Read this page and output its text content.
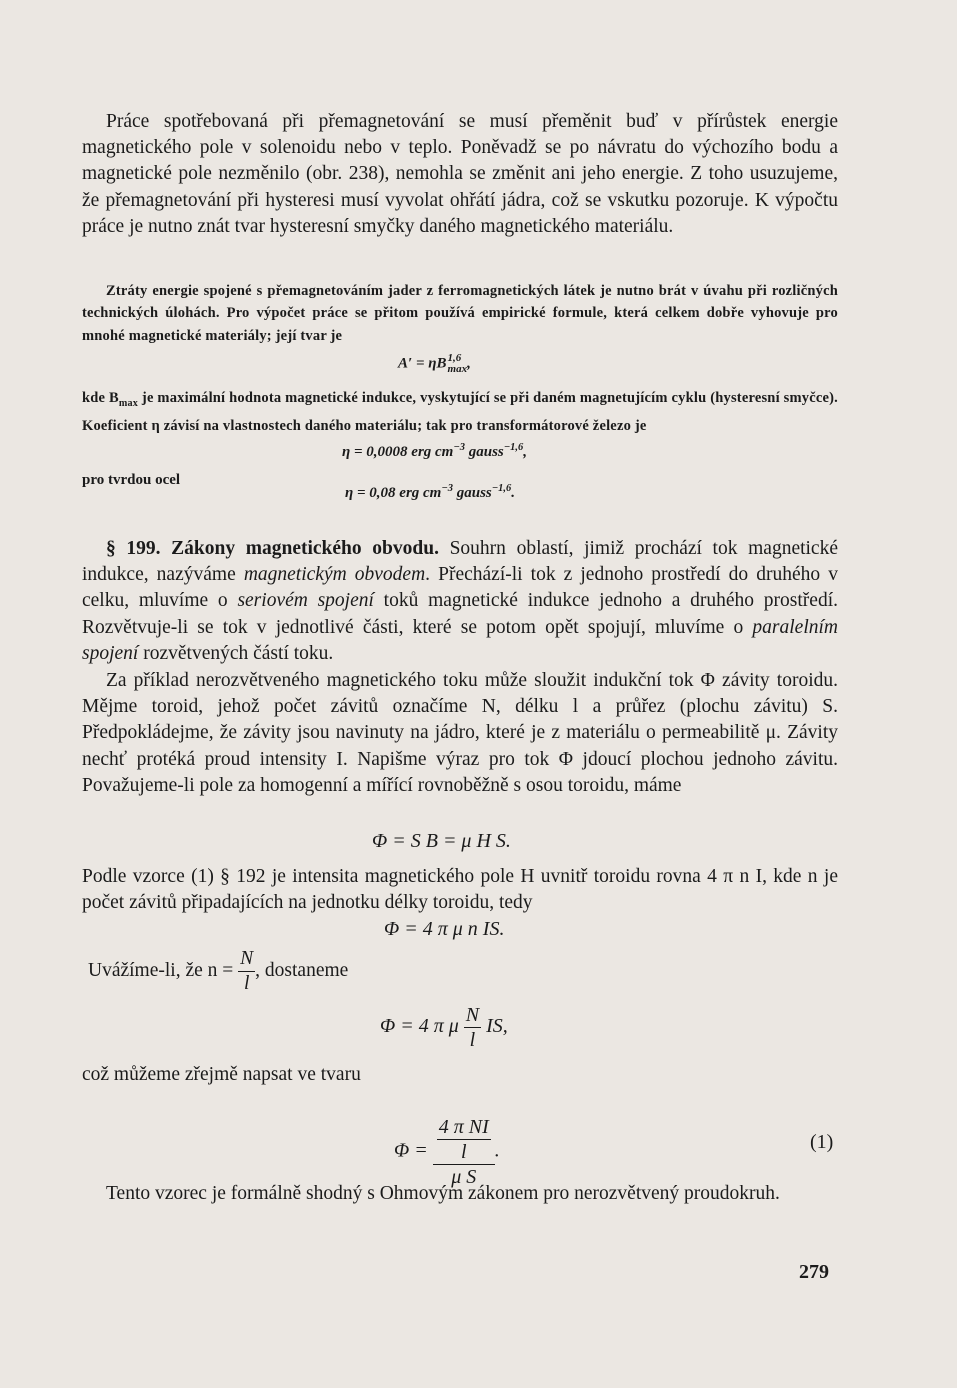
Práce spotřebovaná při přemagnetování se musí přeměnit buď v přírůstek energie magnetického pole v solenoidu nebo v teplo. Poněvadž se po návratu do výchozího bodu a magnetické pole nezměnilo (obr. 238), nemohla se změnit ani jeho energie. Z toho usuzujeme, že přemagnetování při hysteresi musí vyvolat ohřátí jádra, což se vskutku pozoruje. K výpočtu práce je nutno znát tvar hysteresní smyčky daného magnetického materiálu.

Ztráty energie spojené s přemagnetováním jader z ferromagnetických látek je nutno brát v úvahu při rozličných technických úlohách. Pro výpočet práce se přitom používá empirické formule, která celkem dobře vyhovuje pro mnohé magnetické materiály; její tvar je

A′ = ηB 1,6
max ,

kde $B_{max}$ je maximální hodnota magnetické indukce, vyskytující se při daném magnetujícím cyklu (hysteresní smyčce). Koeficient η závisí na vlastnostech daného materiálu; tak pro transformátorové železo je

η = 0,0008 erg $cm^{-3}$ gauss$^{-1,6}$,
pro tvrdou ocel
η = 0,08 erg $cm^{-3}$ gauss$^{-1,6}$.

§ 199. Zákony magnetického obvodu. Souhrn oblastí, jimiž prochází tok magnetické indukce, nazýváme magnetickým obvodem. Přechází-li tok z jednoho prostředí do druhého v celku, mluvíme o seriovém spojení toků magnetické indukce jednoho a druhého prostředí. Rozvětvuje-li se tok v jednotlivé části, které se potom opět spojují, mluvíme o paralelním spojení rozvětvených částí toku.

Za příklad nerozvětveného magnetického toku může sloužit indukční tok Φ závity toroidu. Mějme toroid, jehož počet závitů označíme N, délku l a průřez (plochu závitu) S. Předpokládejme, že závity jsou navinuty na jádro, které je z materiálu o permeabilitě μ. Závity nechť protéká proud intensity I. Napišme výraz pro tok Φ jdoucí plochou jednoho závitu. Považujeme-li pole za homogenní a mířící rovnoběžně s osou toroidu, máme

Φ = S B = μ H S.

Podle vzorce (1) § 192 je intensita magnetického pole H uvnitř toroidu rovna 4 π n I, kde n je počet závitů připadajících na jednotku délky toroidu, tedy

Φ = 4 π μ n IS.
Uvážíme-li, že $n = \frac{N}{l}$ , dostaneme
Φ = 4 π μ $\frac{N}{l}$ IS,

což můžeme zřejmě napsat ve tvaru

$\Phi = \frac{\frac{\text{4 π NI}}{l}}{\text{μ S}}$ .	(1)

Tento vzorec je formálně shodný s Ohmovým zákonem pro nerozvětvený proudokruh.

279
